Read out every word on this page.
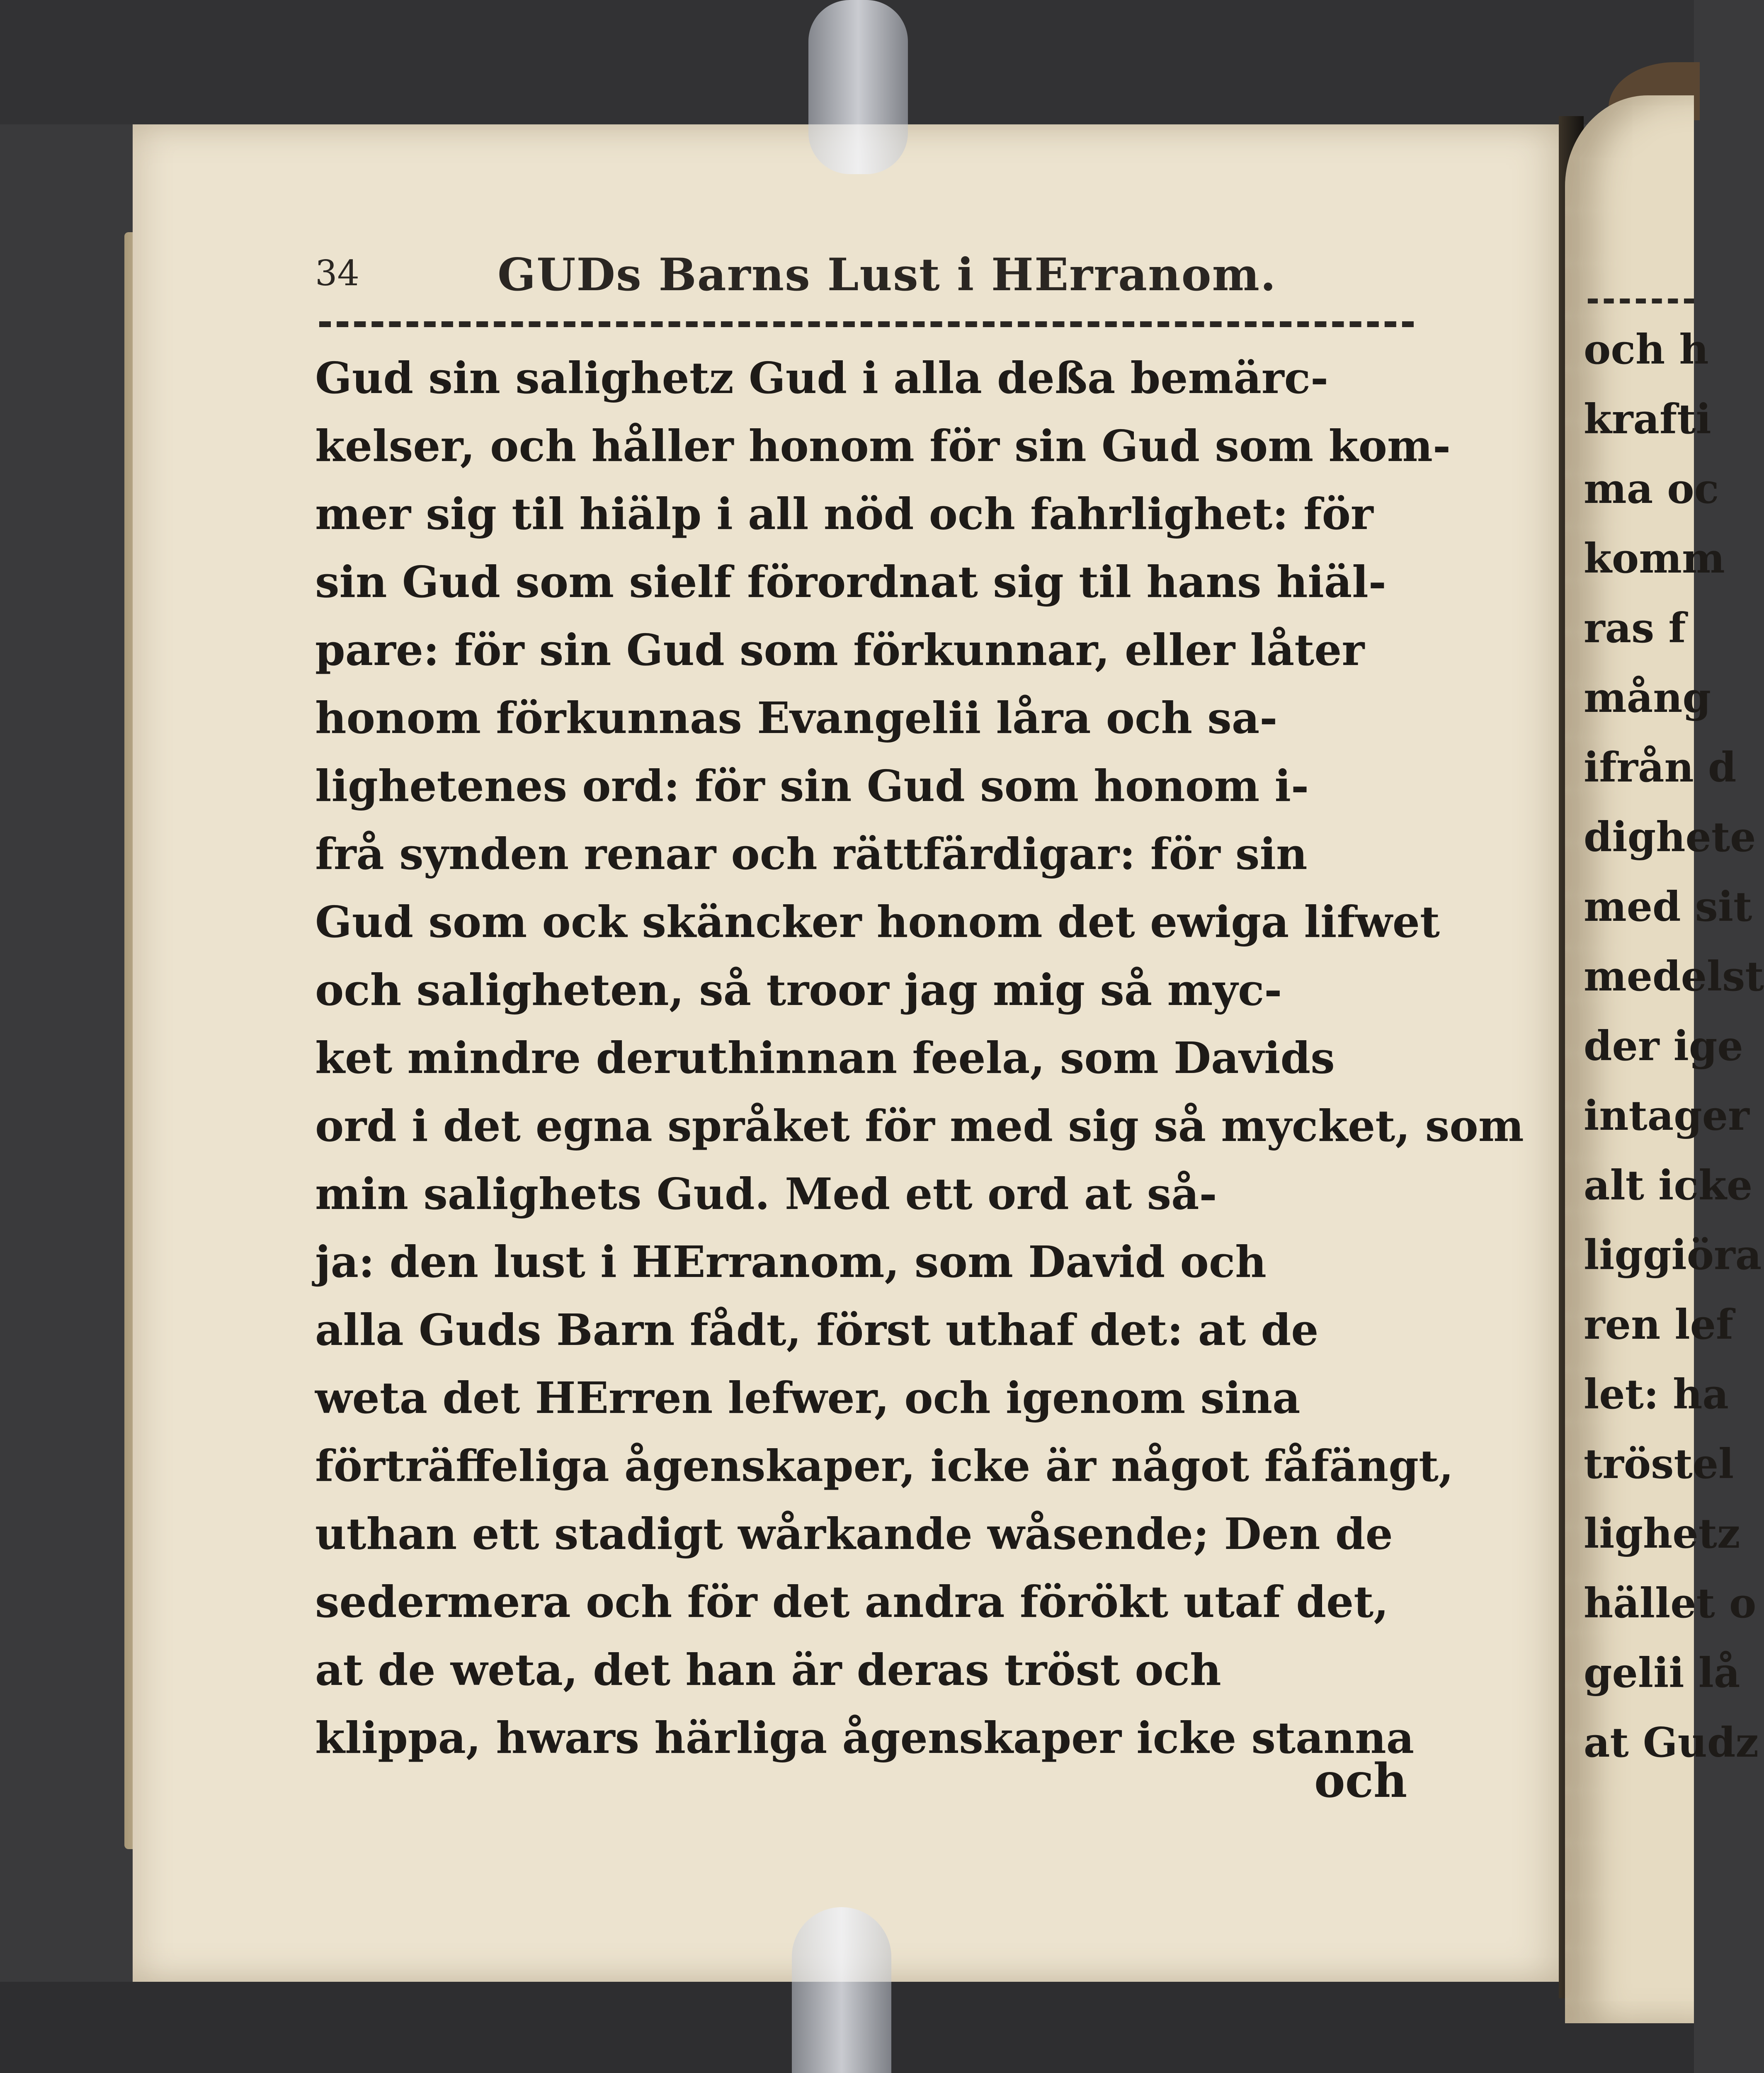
34	GUDs Barns Lust i HErranom.
Gud sin salighetz Gud i alla deßa bemärc-
kelser, och håller honom för sin Gud som kom-
mer sig til hiälp i all nöd och fahrlighet: för
sin Gud som sielf förordnat sig til hans hiäl-
pare: för sin Gud som förkunnar, eller låter
honom förkunnas Evangelii låra och sa-
lighetenes ord: för sin Gud som honom i-
frå synden renar och rättfärdigar: för sin
Gud som ock skäncker honom det ewiga lifwet
och saligheten, så troor jag mig så myc-
ket mindre deruthinnan feela, som Davids
ord i det egna språket för med sig så mycket, som
min salighets Gud. Med ett ord at så-
ja: den lust i HErranom, som David och
alla Guds Barn fådt, först uthaf det: at de
weta det HErren lefwer, och igenom sina
förträffeliga ågenskaper, icke är något fåfängt,
uthan ett stadigt wårkande wåsende; Den de
sedermera och för det andra förökt utaf det,
at de weta, det han är deras tröst och
klippa, hwars härliga ågenskaper icke stanna
och
och h
krafti
ma oc
komm
ras f
mång
ifrån d
dighete
med sit
medelst
der ige
intager
alt icke
liggiöra
ren lef
let: ha
tröstel
lighetz
hället o
gelii lå
at Gudz
